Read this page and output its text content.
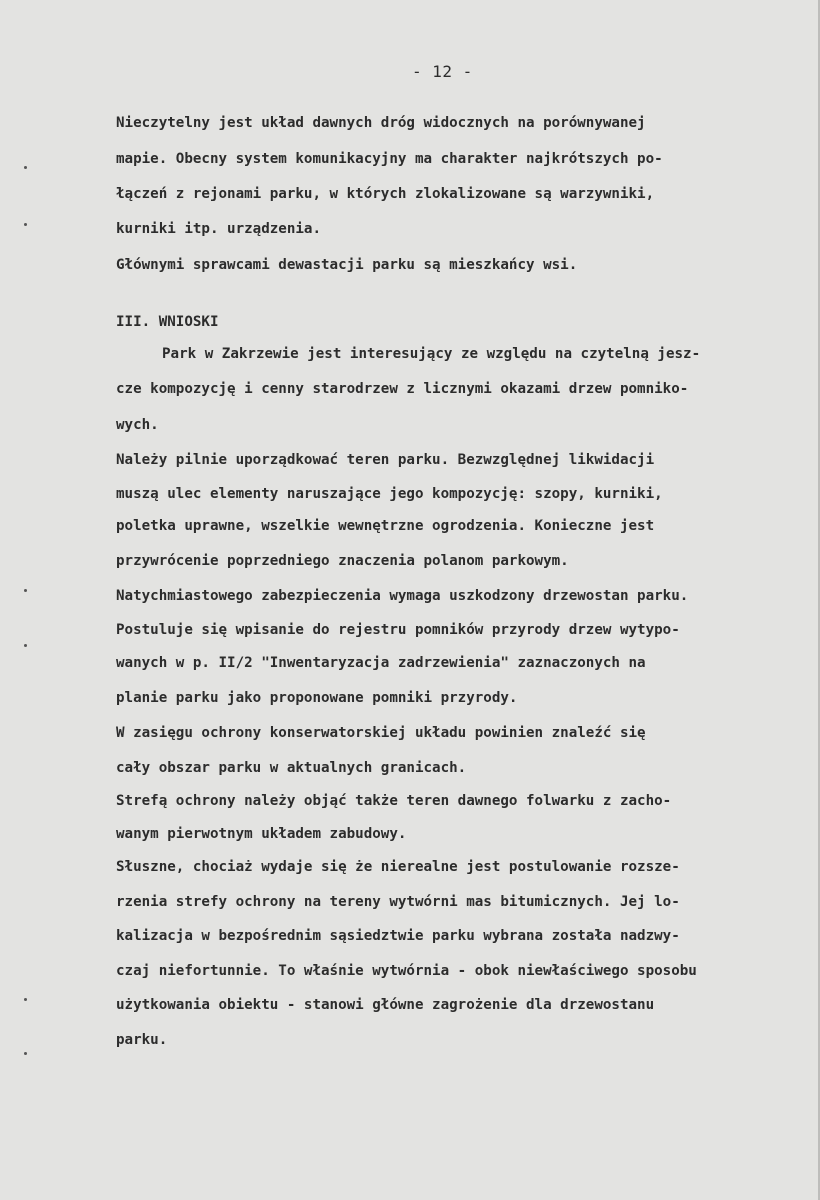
- 12 -
Nieczytelny jest układ dawnych dróg widocznych na porównywanej
mapie. Obecny system komunikacyjny ma charakter najkrótszych po-
łączeń z rejonami parku, w których zlokalizowane są warzywniki,
kurniki itp. urządzenia.
Głównymi sprawcami dewastacji parku są mieszkańcy wsi.
III. WNIOSKI
Park w Zakrzewie jest interesujący ze względu na czytelną jesz-
cze kompozycję i cenny starodrzew z licznymi okazami drzew pomniko-
wych.
Należy pilnie uporządkować teren parku. Bezwzględnej likwidacji
muszą ulec elementy naruszające jego kompozycję: szopy, kurniki,
poletka uprawne, wszelkie wewnętrzne ogrodzenia. Konieczne jest
przywrócenie poprzedniego znaczenia polanom parkowym.
Natychmiastowego zabezpieczenia wymaga uszkodzony drzewostan parku.
Postuluje się wpisanie do rejestru pomników przyrody drzew wytypo-
wanych w p. II/2 "Inwentaryzacja zadrzewienia" zaznaczonych na
planie parku jako proponowane pomniki przyrody.
W zasięgu ochrony konserwatorskiej układu powinien znaleźć się
cały obszar parku w aktualnych granicach.
Strefą ochrony należy objąć także teren dawnego folwarku z zacho-
wanym pierwotnym układem zabudowy.
Słuszne, chociaż wydaje się że nierealne jest postulowanie rozsze-
rzenia strefy ochrony na tereny wytwórni mas bitumicznych. Jej lo-
kalizacja w bezpośrednim sąsiedztwie parku wybrana została nadzwy-
czaj niefortunnie. To właśnie wytwórnia - obok niewłaściwego sposobu
użytkowania obiektu - stanowi główne zagrożenie dla drzewostanu
parku.
